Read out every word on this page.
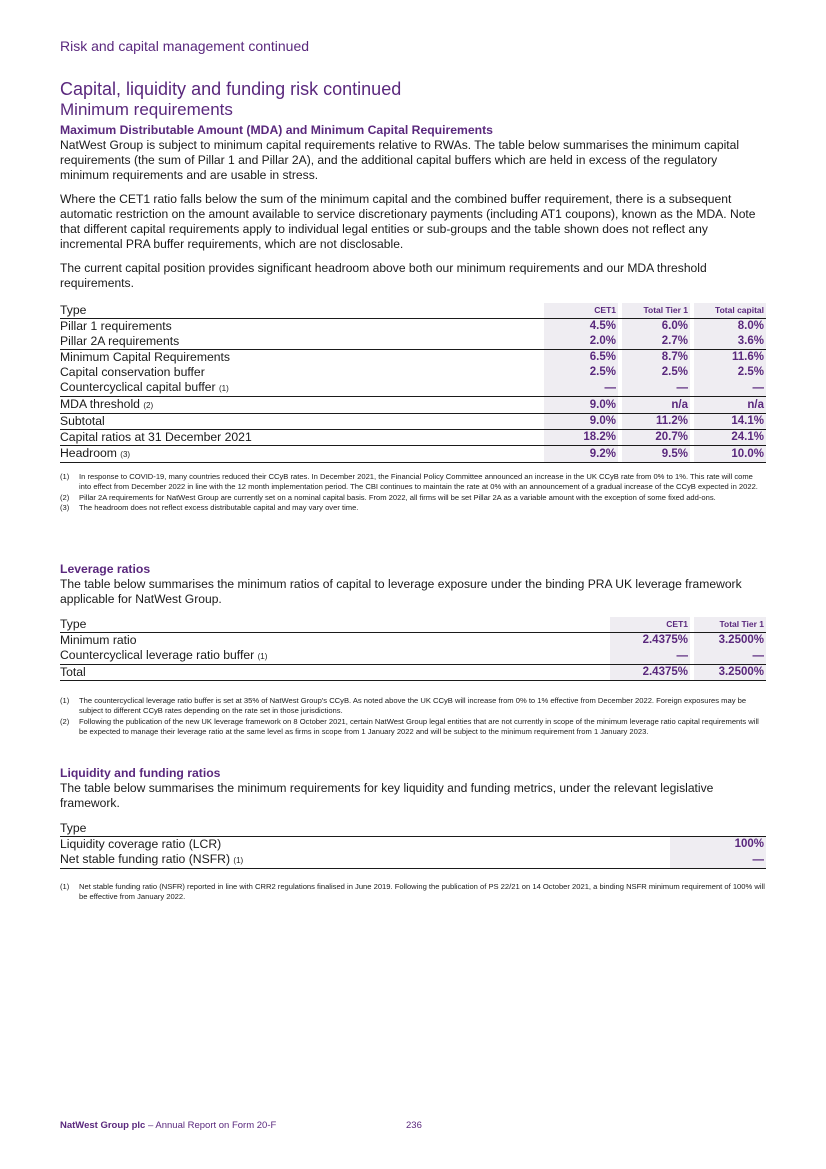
Risk and capital management continued
Capital, liquidity and funding risk continued
Minimum requirements

Maximum Distributable Amount (MDA) and Minimum Capital Requirements

NatWest Group is subject to minimum capital requirements relative to RWAs. The table below summarises the minimum capital requirements (the sum of Pillar 1 and Pillar 2A), and the additional capital buffers which are held in excess of the regulatory minimum requirements and are usable in stress.

Where the CET1 ratio falls below the sum of the minimum capital and the combined buffer requirement, there is a subsequent automatic restriction on the amount available to service discretionary payments (including AT1 coupons), known as the MDA. Note that different capital requirements apply to individual legal entities or sub-groups and the table shown does not reflect any incremental PRA buffer requirements, which are not disclosable.

The current capital position provides significant headroom above both our minimum requirements and our MDA threshold requirements.

Type	CET1		Total Tier 1		Total capital
Pillar 1 requirements	4.5%		6.0%		8.0%
Pillar 2A requirements	2.0%		2.7%		3.6%
Minimum Capital Requirements	6.5%		8.7%		11.6%
Capital conservation buffer	2.5%		2.5%		2.5%
Countercyclical capital buffer (1)	—		—		—
MDA threshold (2)	9.0%		n/a		n/a
Subtotal	9.0%		11.2%		14.1%
Capital ratios at 31 December 2021	18.2%		20.7%		24.1%
Headroom (3)	9.2%		9.5%		10.0%
(1)	In response to COVID-19, many countries reduced their CCyB rates. In December 2021, the Financial Policy Committee announced an increase in the UK CCyB rate from 0% to 1%. This rate will come into effect from December 2022 in line with the 12 month implementation period. The CBI continues to maintain the rate at 0% with an announcement of a gradual increase of the CCyB expected in 2022.
(2)	Pillar 2A requirements for NatWest Group are currently set on a nominal capital basis. From 2022, all firms will be set Pillar 2A as a variable amount with the exception of some fixed add-ons.
(3)	The headroom does not reflect excess distributable capital and may vary over time.

Leverage ratios

The table below summarises the minimum ratios of capital to leverage exposure under the binding PRA UK leverage framework applicable for NatWest Group.

Type	CET1		Total Tier 1
Minimum ratio	2.4375%		3.2500%
Countercyclical leverage ratio buffer (1)	—		—
Total	2.4375%		3.2500%
(1)	The countercyclical leverage ratio buffer is set at 35% of NatWest Group's CCyB. As noted above the UK CCyB will increase from 0% to 1% effective from December 2022. Foreign exposures may be subject to different CCyB rates depending on the rate set in those jurisdictions.
(2)	Following the publication of the new UK leverage framework on 8 October 2021, certain NatWest Group legal entities that are not currently in scope of the minimum leverage ratio capital requirements will be expected to manage their leverage ratio at the same level as firms in scope from 1 January 2022 and will be subject to the minimum requirement from 1 January 2023.

Liquidity and funding ratios

The table below summarises the minimum requirements for key liquidity and funding metrics, under the relevant legislative framework.

Type	
Liquidity coverage ratio (LCR)	100%
Net stable funding ratio (NSFR) (1)	—
(1)	Net stable funding ratio (NSFR) reported in line with CRR2 regulations finalised in June 2019. Following the publication of PS 22/21 on 14 October 2021, a binding NSFR minimum requirement of 100% will be effective from January 2022.
NatWest Group plc – Annual Report on Form 20-F	236
